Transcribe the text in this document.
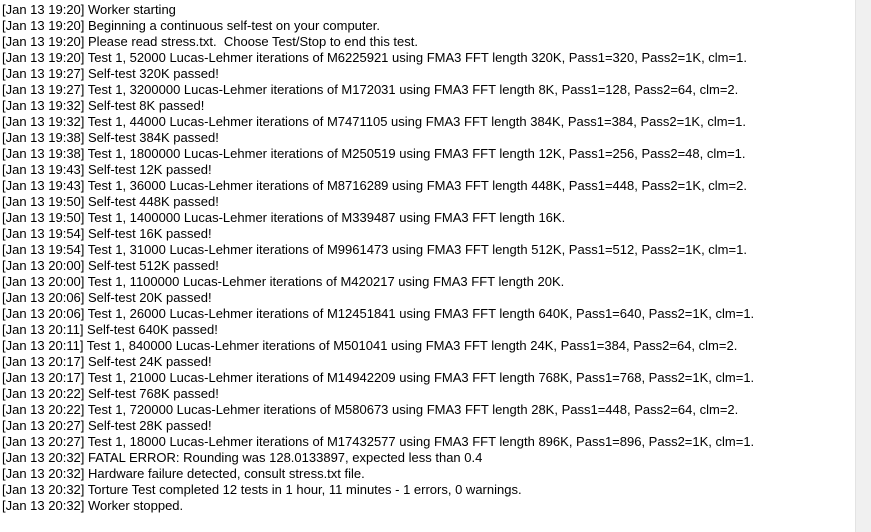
[Jan 13 19:20] Worker starting
[Jan 13 19:20] Beginning a continuous self-test on your computer.
[Jan 13 19:20] Please read stress.txt.  Choose Test/Stop to end this test.
[Jan 13 19:20] Test 1, 52000 Lucas-Lehmer iterations of M6225921 using FMA3 FFT length 320K, Pass1=320, Pass2=1K, clm=1.
[Jan 13 19:27] Self-test 320K passed!
[Jan 13 19:27] Test 1, 3200000 Lucas-Lehmer iterations of M172031 using FMA3 FFT length 8K, Pass1=128, Pass2=64, clm=2.
[Jan 13 19:32] Self-test 8K passed!
[Jan 13 19:32] Test 1, 44000 Lucas-Lehmer iterations of M7471105 using FMA3 FFT length 384K, Pass1=384, Pass2=1K, clm=1.
[Jan 13 19:38] Self-test 384K passed!
[Jan 13 19:38] Test 1, 1800000 Lucas-Lehmer iterations of M250519 using FMA3 FFT length 12K, Pass1=256, Pass2=48, clm=1.
[Jan 13 19:43] Self-test 12K passed!
[Jan 13 19:43] Test 1, 36000 Lucas-Lehmer iterations of M8716289 using FMA3 FFT length 448K, Pass1=448, Pass2=1K, clm=2.
[Jan 13 19:50] Self-test 448K passed!
[Jan 13 19:50] Test 1, 1400000 Lucas-Lehmer iterations of M339487 using FMA3 FFT length 16K.
[Jan 13 19:54] Self-test 16K passed!
[Jan 13 19:54] Test 1, 31000 Lucas-Lehmer iterations of M9961473 using FMA3 FFT length 512K, Pass1=512, Pass2=1K, clm=1.
[Jan 13 20:00] Self-test 512K passed!
[Jan 13 20:00] Test 1, 1100000 Lucas-Lehmer iterations of M420217 using FMA3 FFT length 20K.
[Jan 13 20:06] Self-test 20K passed!
[Jan 13 20:06] Test 1, 26000 Lucas-Lehmer iterations of M12451841 using FMA3 FFT length 640K, Pass1=640, Pass2=1K, clm=1.
[Jan 13 20:11] Self-test 640K passed!
[Jan 13 20:11] Test 1, 840000 Lucas-Lehmer iterations of M501041 using FMA3 FFT length 24K, Pass1=384, Pass2=64, clm=2.
[Jan 13 20:17] Self-test 24K passed!
[Jan 13 20:17] Test 1, 21000 Lucas-Lehmer iterations of M14942209 using FMA3 FFT length 768K, Pass1=768, Pass2=1K, clm=1.
[Jan 13 20:22] Self-test 768K passed!
[Jan 13 20:22] Test 1, 720000 Lucas-Lehmer iterations of M580673 using FMA3 FFT length 28K, Pass1=448, Pass2=64, clm=2.
[Jan 13 20:27] Self-test 28K passed!
[Jan 13 20:27] Test 1, 18000 Lucas-Lehmer iterations of M17432577 using FMA3 FFT length 896K, Pass1=896, Pass2=1K, clm=1.
[Jan 13 20:32] FATAL ERROR: Rounding was 128.0133897, expected less than 0.4
[Jan 13 20:32] Hardware failure detected, consult stress.txt file.
[Jan 13 20:32] Torture Test completed 12 tests in 1 hour, 11 minutes - 1 errors, 0 warnings.
[Jan 13 20:32] Worker stopped.
